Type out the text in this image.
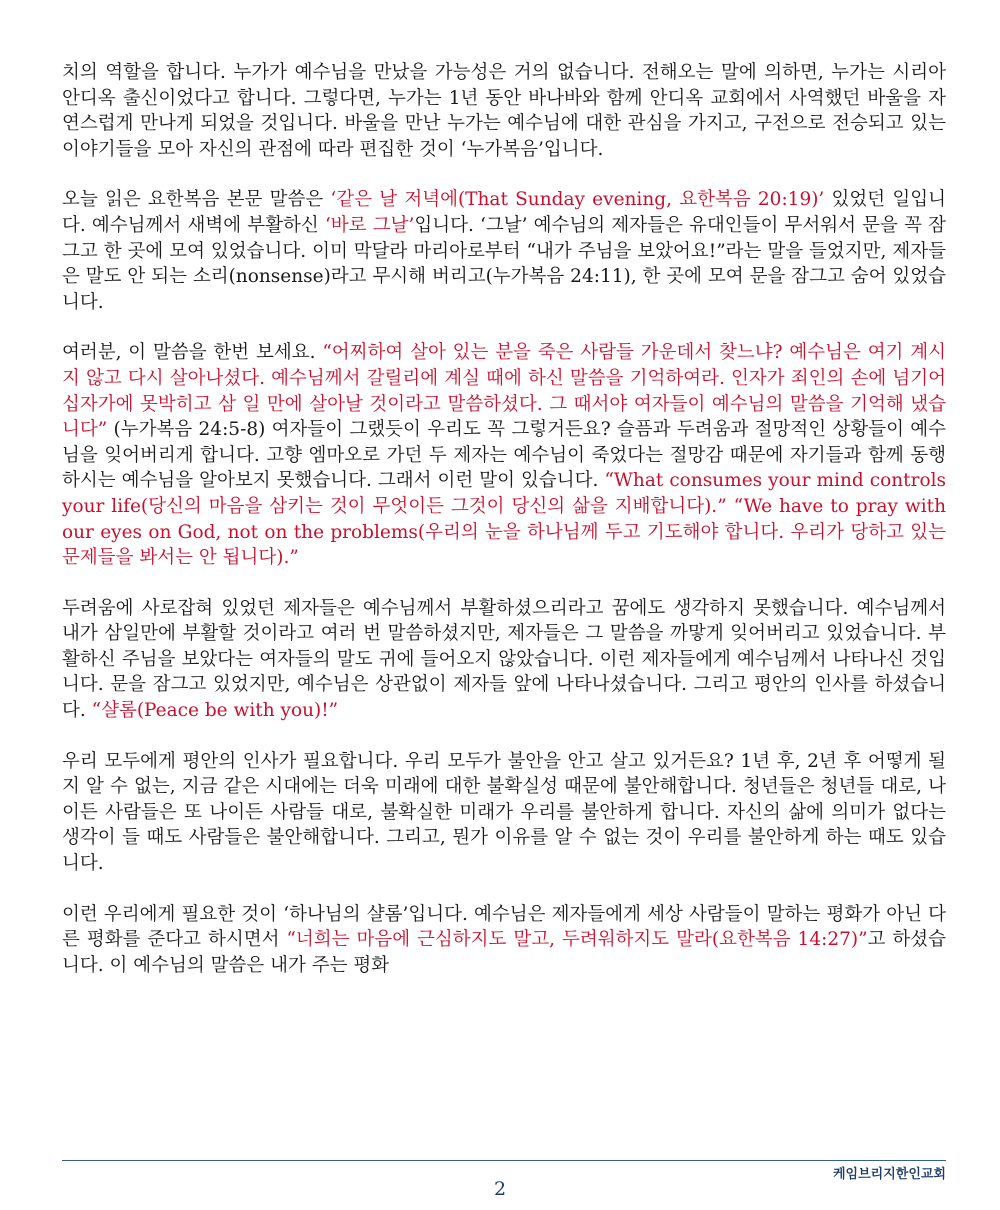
치의 역할을 합니다. 누가가 예수님을 만났을 가능성은 거의 없습니다. 전해오는 말에 의하면, 누가는 시리아 안디옥 출신이었다고 합니다. 그렇다면, 누가는 1년 동안 바나바와 함께 안디옥 교회에서 사역했던 바울을 자연스럽게 만나게 되었을 것입니다. 바울을 만난 누가는 예수님에 대한 관심을 가지고, 구전으로 전승되고 있는 이야기들을 모아 자신의 관점에 따라 편집한 것이 ‘누가복음’입니다.

오늘 읽은 요한복음 본문 말씀은 ‘같은 날 저녁에(That Sunday evening, 요한복음 20:19)’ 있었던 일입니다. 예수님께서 새벽에 부활하신 ‘바로 그날’입니다. ‘그날’ 예수님의 제자들은 유대인들이 무서워서 문을 꼭 잠그고 한 곳에 모여 있었습니다. 이미 막달라 마리아로부터 “내가 주님을 보았어요!”라는 말을 들었지만, 제자들은 말도 안 되는 소리(nonsense)라고 무시해 버리고(누가복음 24:11), 한 곳에 모여 문을 잠그고 숨어 있었습니다.

여러분, 이 말씀을 한번 보세요. “어찌하여 살아 있는 분을 죽은 사람들 가운데서 찾느냐? 예수님은 여기 계시지 않고 다시 살아나셨다. 예수님께서 갈릴리에 계실 때에 하신 말씀을 기억하여라. 인자가 죄인의 손에 넘기어 십자가에 못박히고 삼 일 만에 살아날 것이라고 말씀하셨다. 그 때서야 여자들이 예수님의 말씀을 기억해 냈습니다” (누가복음 24:5-8) 여자들이 그랬듯이 우리도 꼭 그렇거든요? 슬픔과 두려움과 절망적인 상황들이 예수님을 잊어버리게 합니다. 고향 엠마오로 가던 두 제자는 예수님이 죽었다는 절망감 때문에 자기들과 함께 동행하시는 예수님을 알아보지 못했습니다. 그래서 이런 말이 있습니다. “What consumes your mind controls your life(당신의 마음을 삼키는 것이 무엇이든 그것이 당신의 삶을 지배합니다).” “We have to pray with our eyes on God, not on the problems(우리의 눈을 하나님께 두고 기도해야 합니다. 우리가 당하고 있는 문제들을 봐서는 안 됩니다).”

두려움에 사로잡혀 있었던 제자들은 예수님께서 부활하셨으리라고 꿈에도 생각하지 못했습니다. 예수님께서 내가 삼일만에 부활할 것이라고 여러 번 말씀하셨지만, 제자들은 그 말씀을 까맣게 잊어버리고 있었습니다. 부활하신 주님을 보았다는 여자들의 말도 귀에 들어오지 않았습니다. 이런 제자들에게 예수님께서 나타나신 것입니다. 문을 잠그고 있었지만, 예수님은 상관없이 제자들 앞에 나타나셨습니다. 그리고 평안의 인사를 하셨습니다. “샬롬(Peace be with you)!”

우리 모두에게 평안의 인사가 필요합니다. 우리 모두가 불안을 안고 살고 있거든요? 1년 후, 2년 후 어떻게 될지 알 수 없는, 지금 같은 시대에는 더욱 미래에 대한 불확실성 때문에 불안해합니다. 청년들은 청년들 대로, 나이든 사람들은 또 나이든 사람들 대로, 불확실한 미래가 우리를 불안하게 합니다. 자신의 삶에 의미가 없다는 생각이 들 때도 사람들은 불안해합니다. 그리고, 뭔가 이유를 알 수 없는 것이 우리를 불안하게 하는 때도 있습니다.

이런 우리에게 필요한 것이 ‘하나님의 샬롬’입니다. 예수님은 제자들에게 세상 사람들이 말하는 평화가 아닌 다른 평화를 준다고 하시면서 “너희는 마음에 근심하지도 말고, 두려워하지도 말라(요한복음 14:27)”고 하셨습니다. 이 예수님의 말씀은 내가 주는 평화

케임브리지한인교회
2
